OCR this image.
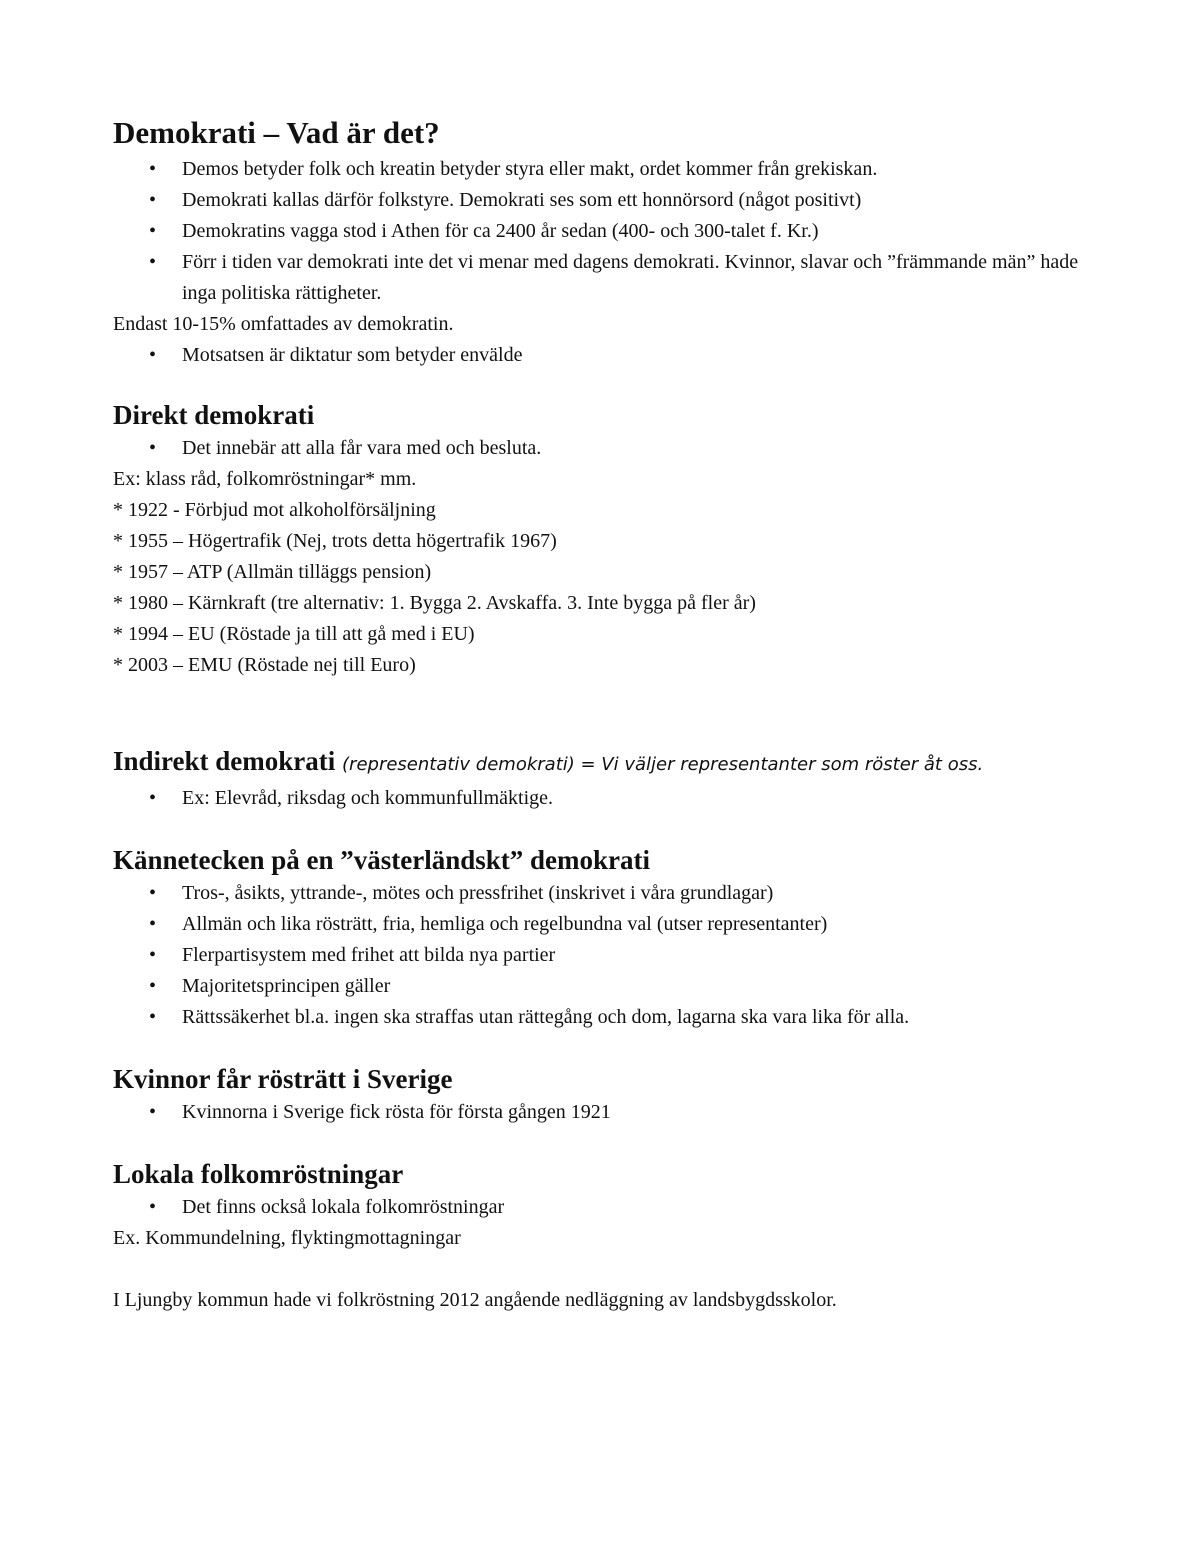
Demokrati – Vad är det?
• Demos betyder folk och kreatin betyder styra eller makt, ordet kommer från grekiskan.
• Demokrati kallas därför folkstyre. Demokrati ses som ett honnörsord (något positivt)
• Demokratins vagga stod i Athen för ca 2400 år sedan (400- och 300-talet f. Kr.)
• Förr i tiden var demokrati inte det vi menar med dagens demokrati. Kvinnor, slavar och ”främmande män” hade inga politiska rättigheter.

Endast 10-15% omfattades av demokratin.

• Motsatsen är diktatur som betyder envälde
Direkt demokrati
• Det innebär att alla får vara med och besluta.

Ex: klass råd, folkomröstningar* mm.

* 1922 - Förbjud mot alkoholförsäljning

* 1955 – Högertrafik (Nej, trots detta högertrafik 1967)

* 1957 – ATP (Allmän tilläggs pension)

* 1980 – Kärnkraft (tre alternativ: 1. Bygga 2. Avskaffa. 3. Inte bygga på fler år)

* 1994 – EU (Röstade ja till att gå med i EU)

* 2003 – EMU (Röstade nej till Euro)

Indirekt demokrati (representativ demokrati) = Vi väljer representanter som röster åt oss.
• Ex: Elevråd, riksdag och kommunfullmäktige.
Kännetecken på en ”västerländskt” demokrati
• Tros-, åsikts, yttrande-, mötes och pressfrihet (inskrivet i våra grundlagar)
• Allmän och lika rösträtt, fria, hemliga och regelbundna val (utser representanter)
• Flerpartisystem med frihet att bilda nya partier
• Majoritetsprincipen gäller
• Rättssäkerhet bl.a. ingen ska straffas utan rättegång och dom, lagarna ska vara lika för alla.
Kvinnor får rösträtt i Sverige
• Kvinnorna i Sverige fick rösta för första gången 1921
Lokala folkomröstningar
• Det finns också lokala folkomröstningar

Ex. Kommundelning, flyktingmottagningar

I Ljungby kommun hade vi folkröstning 2012 angående nedläggning av landsbygdsskolor.
